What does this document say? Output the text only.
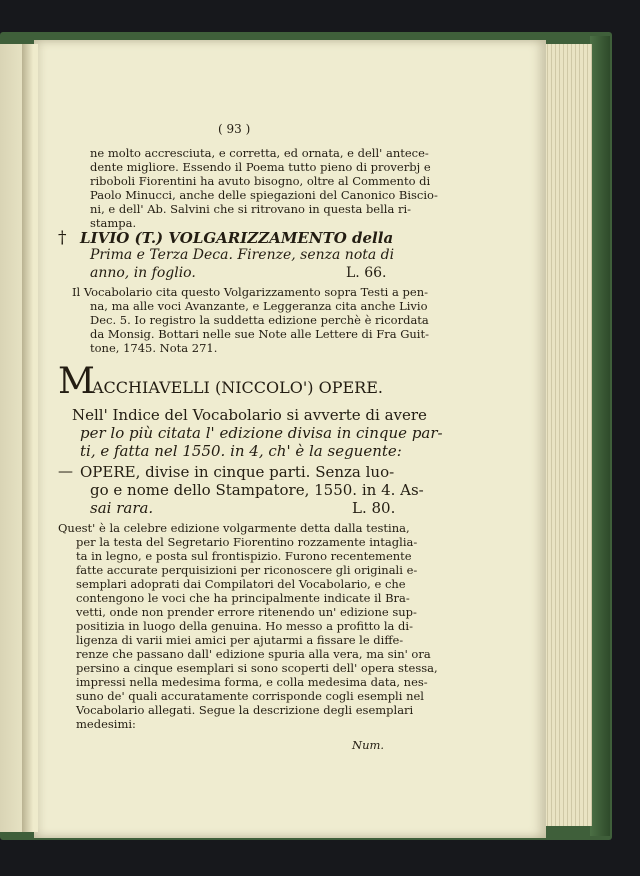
( 93 )
ne molto accresciuta, e corretta, ed ornata, e dell' antece-
dente migliore. Essendo il Poema tutto pieno di proverbj e
riboboli Fiorentini ha avuto bisogno, oltre al Commento di
Paolo Minucci, anche delle spiegazioni del Canonico Bisciо-
ni, e dell' Ab. Salvini che si ritrovano in questa bella ri-
stampa.
† LIVIO (T.) VOLGARIZZAMENTO della
Prima e Terza Deca. Firenze, senza nota di
anno, in foglio.	L. 66.
Il Vocabolario cita questo Volgarizzamento sopra Testi a pen-
na, ma alle voci Avanzante, e Leggeranza cita anche Livio
Dec. 5. Io registro la suddetta edizione perchè è ricordata
da Monsig. Bottari nelle sue Note alle Lettere di Fra Guit-
tone, 1745. Nota 271.
M
ACCHIAVELLI (NICCOLO') OPERE.
Nell' Indice del Vocabolario si avverte di avere
per lo più citata l' edizione divisa in cinque par-
ti, e fatta nel 1550. in 4, ch' è la seguente:
— OPERE, divise in cinque parti. Senza luo-
go e nome dello Stampatore, 1550. in 4. As-
sai rara.	L. 80.
Quest' è la celebre edizione volgarmente detta dalla testina,
per la testa del Segretario Fiorentino rozzamente intaglia-
ta in legno, e posta sul frontispizio. Furono recentemente
fatte accurate perquisizioni per riconoscere gli originali e-
semplari adoprati dai Compilatori del Vocabolario, e che
contengono le voci che ha principalmente indicate il Bra-
vetti, onde non prender errore ritenendo un' edizione sup-
positizia in luogo della genuina. Ho messo a profitto la di-
ligenza di varii miei amici per ajutarmi a fissare le diffe-
renze che passano dall' edizione spuria alla vera, ma sin' ora
persino a cinque esemplari si sono scoperti dell' opera stessa,
impressi nella medesima forma, e colla medesima data, nes-
suno de' quali accuratamente corrisponde cogli esempli nel
Vocabolario allegati. Segue la descrizione degli esemplari
medesimi:
Num.
